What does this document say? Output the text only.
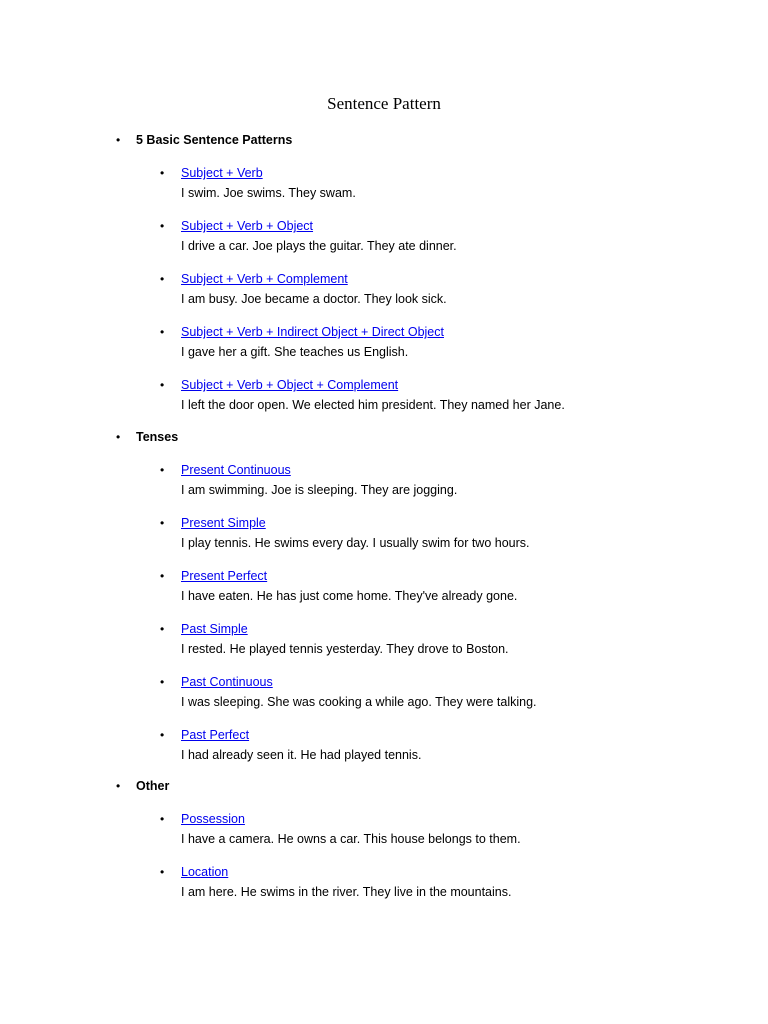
Sentence Pattern
• 5 Basic Sentence Patterns
• Subject + Verb
I swim. Joe swims. They swam.
• Subject + Verb + Object
I drive a car. Joe plays the guitar. They ate dinner.
• Subject + Verb + Complement
I am busy. Joe became a doctor. They look sick.
• Subject + Verb + Indirect Object + Direct Object
I gave her a gift. She teaches us English.
• Subject + Verb + Object + Complement
I left the door open. We elected him president. They named her Jane.
• Tenses
• Present Continuous
I am swimming. Joe is sleeping. They are jogging.
• Present Simple
I play tennis. He swims every day. I usually swim for two hours.
• Present Perfect
I have eaten. He has just come home. They've already gone.
• Past Simple
I rested. He played tennis yesterday. They drove to Boston.
• Past Continuous
I was sleeping. She was cooking a while ago. They were talking.
• Past Perfect
I had already seen it. He had played tennis.
• Other
• Possession
I have a camera. He owns a car. This house belongs to them.
• Location
I am here. He swims in the river. They live in the mountains.
